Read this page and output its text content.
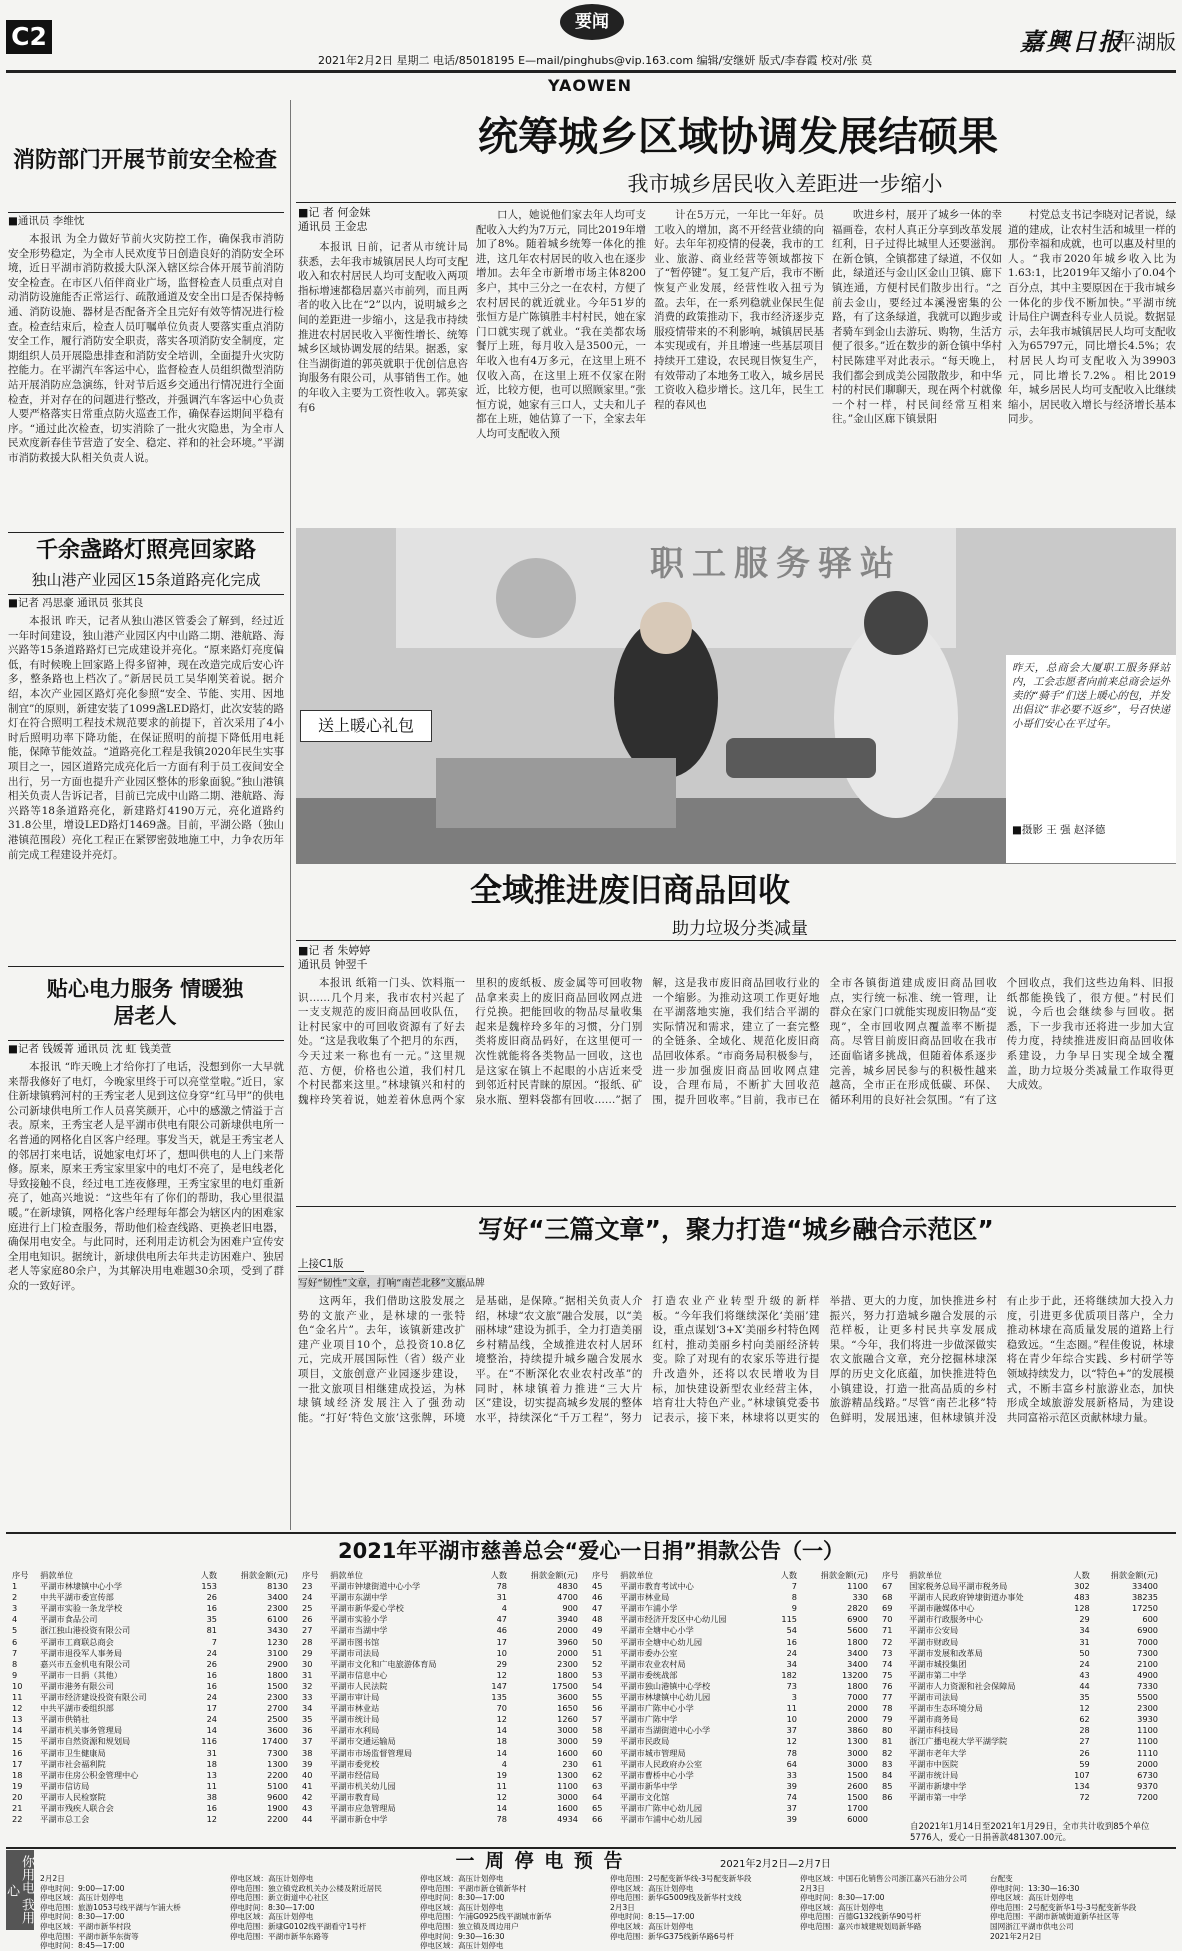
C2	要闻
2021年2月2日 星期二 电话/85018195 E—mail/pinghubs@vip.163.com 编辑/安继妍 版式/李春霞 校对/张 莫
嘉興日报
平湖版
YAOWEN
消防部门开展节前安全检查
■通讯员 李维忱

本报讯 为全力做好节前火灾防控工作，确保我市消防安全形势稳定，为全市人民欢度节日创造良好的消防安全环境，近日平湖市消防救援大队深入辖区综合体开展节前消防安全检查。在市区八佰伴商业广场，监督检查人员重点对自动消防设施能否正常运行、疏散通道及安全出口是否保持畅通、消防设施、器材是否配备齐全且完好有效等情况进行检查。检查结束后，检查人员叮嘱单位负责人要落实重点消防安全工作，履行消防安全职责，落实各项消防安全制度，定期组织人员开展隐患排查和消防安全培训，全面提升火灾防控能力。在平湖汽车客运中心，监督检查人员组织微型消防站开展消防应急演练，针对节后返乡交通出行情况进行全面检查，并对存在的问题进行整改，并强调汽车客运中心负责人要严格落实日常重点防火巡查工作，确保春运期间平稳有序。“通过此次检查，切实消除了一批火灾隐患，为全市人民欢度新春佳节营造了安全、稳定、祥和的社会环境。”平湖市消防救援大队相关负责人说。

千余盏路灯照亮回家路
独山港产业园区15条道路亮化完成
■记者 冯思豪 通讯员 张其良

本报讯 昨天，记者从独山港区管委会了解到，经过近一年时间建设，独山港产业园区内中山路二期、港航路、海兴路等15条道路路灯已完成建设并亮化。“原来路灯亮度偏低，有时候晚上回家路上得多留神，现在改造完成后安心许多，整条路也上档次了。”新居民员工吴华刚笑着说。据介绍，本次产业园区路灯亮化参照“安全、节能、实用、因地制宜”的原则，新建安装了1099盏LED路灯，此次安装的路灯在符合照明工程技术规范要求的前提下，首次采用了4小时后照明功率下降功能，在保证照明的前提下降低用电耗能，保障节能效益。“道路亮化工程是我镇2020年民生实事项目之一，园区道路完成亮化后一方面有利于员工夜间安全出行，另一方面也提升产业园区整体的形象面貌。”独山港镇相关负责人告诉记者，目前已完成中山路二期、港航路、海兴路等18条道路亮化，新建路灯4190万元，亮化道路约31.8公里，增设LED路灯1469盏。目前，平湖公路（独山港镇范围段）亮化工程正在紧锣密鼓地施工中，力争农历年前完成工程建设并亮灯。

贴心电力服务 情暖独居老人
■记者 钱媛菁 通讯员 沈 虹 钱美萱

本报讯 “昨天晚上才给你打了电话，没想到你一大早就来帮我修好了电灯，今晚家里终于可以亮堂堂啦。”近日，家住新埭镇鸦河村的王秀宝老人见到这位身穿“红马甲”的供电公司新埭供电所工作人员喜笑颜开，心中的感激之情溢于言表。原来，王秀宝老人是平湖市供电有限公司新埭供电所一名普通的网格化自区客户经理。事发当天，就是王秀宝老人的邻居打来电话，说她家电灯坏了，想叫供电的人上门来帮修。原来，原来王秀宝家里家中的电灯不亮了，是电线老化导致接触不良，经过电工连夜修理，王秀宝家里的电灯重新亮了，她高兴地说：“这些年有了你们的帮助，我心里很温暖。”在新埭镇，网格化客户经理每年都会为辖区内的困难家庭进行上门检查服务，帮助他们检查线路、更换老旧电器，确保用电安全。与此同时，还利用走访机会为困难户宣传安全用电知识。据统计，新埭供电所去年共走访困难户、独居老人等家庭80余户，为其解决用电难题30余项，受到了群众的一致好评。

统筹城乡区域协调发展结硕果
我市城乡居民收入差距进一步缩小
■记 者 何金妹
通讯员 王金忠

本报讯 日前，记者从市统计局获悉，去年我市城镇居民人均可支配收入和农村居民人均可支配收入两项指标增速都稳居嘉兴市前列，而且两者的收入比在“2”以内，说明城乡之间的差距进一步缩小，这是我市持续推进农村居民收入平衡性增长、统筹城乡区域协调发展的结果。据悉，家住当湖街道的郭英就职于优创信息咨询服务有限公司，从事销售工作。她的年收入主要为工资性收入。郭英家有6

口人，她说他们家去年人均可支配收入大约为7万元，同比2019年增加了8%。随着城乡统筹一体化的推进，这几年农村居民的收入也在逐步增加。去年全市新增市场主体8200多户，其中三分之一在农村，方便了农村居民的就近就业。今年51岁的张恒方是广陈镇胜丰村村民，她在家门口就实现了就业。“我在美都农场餐厅上班，每月收入是3500元，一年收入也有4万多元，在这里上班不仅收入高，在这里上班不仅家在附近，比较方便，也可以照顾家里。”张恒方说，她家有三口人，丈夫和儿子都在上班，她估算了一下，全家去年人均可支配收入预

计在5万元，一年比一年好。员工收入的增加，离不开经营业绩的向好。去年年初疫情的侵袭，我市的工业、旅游、商业经营等领域都按下了“暂停键”。复工复产后，我市不断恢复产业发展，经营性收入扭亏为盈。去年，在一系列稳就业保民生促消费的政策推动下，我市经济逐步克服疫情带来的不利影响，城镇居民基本实现或有，并且增速一些基层项目持续开工建设，农民现目恢复生产，有效带动了本地务工收入，城乡居民工资收入稳步增长。这几年，民生工程的春风也

吹进乡村，展开了城乡一体的幸福画卷，农村人真正分享到改革发展红利，日子过得比城里人还要滋润。在新仓镇，全镇都建了绿道，不仅如此，绿道还与金山区金山卫镇、廊下镇连通，方便村民们散步出行。“之前去金山，要经过本溪漫密集的公路，有了这条绿道，我就可以跑步或者骑车到金山去游玩、购物，生活方便了很多。”近在数步的新仓镇中华村村民陈建平对此表示。“每天晚上，我们都会到成美公园散散步，和中华村的村民们聊聊天，现在两个村就像一个村一样，村民间经常互相来往。”金山区廊下镇景阳

村党总支书记李晓对记者说，绿道的建成，让农村生活和城里一样的那份幸福和成就，也可以惠及村里的人。“我市2020年城乡收入比为1.63:1，比2019年又缩小了0.04个百分点，其中主要原因在于我市城乡一体化的步伐不断加快。”平湖市统计局住户调查科专业人员说。数据显示，去年我市城镇居民人均可支配收入为65797元，同比增长4.5%；农村居民人均可支配收入为39903元，同比增长7.2%。相比2019年，城乡居民人均可支配收入比继续缩小，居民收入增长与经济增长基本同步。

职工服务驿站
送上暖心礼包
昨天，总商会大厦职工服务驿站内，工会志愿者向前来总商会运外卖的“骑手”们送上暖心的包，并发出倡议“非必要不返乡”，号召快递小哥们安心在平过年。
■摄影 王 强 赵泽德
全域推进废旧商品回收
助力垃圾分类减量
■记 者 朱婷婷
通讯员 钟翌千

本报讯 纸箱一门头、饮料瓶一识……几个月来，我市农村兴起了一支支规范的废旧商品回收队伍，让村民家中的可回收资源有了好去处。“这是我收集了个把月的东西，今天过来一称也有一元。”这里规范、方便，价格也公道，我们村几个村民都来这里。”林埭镇兴和村的魏梓玲笑着说，她差着休息两个家里积的废纸板、废金属等可回收物品拿来卖上的废旧商品回收网点进行兑换。把能回收的物品尽量收集起来是魏梓玲多年的习惯，分门别类将废旧商品码好，在这里便可一次性就能将各类物品一回收，这也是这家在镇上不起眼的小店近来受到邻近村民青睐的原因。“报纸、矿泉水瓶、塑料袋都有回收……”据了解，这是我市废旧商品回收行业的一个缩影。为推动这项工作更好地在平湖落地实施，我们结合平湖的实际情况和需求，建立了一套完整的全链条、全域化、规范化废旧商品回收体系。“市商务局积极参与，进一步加强废旧商品回收网点建设，合理布局，不断扩大回收范围，提升回收率。”目前，我市已在全市各镇街道建成废旧商品回收点，实行统一标准、统一管理，让群众在家门口就能实现废旧物品“变现”，全市回收网点覆盖率不断提高。尽管目前废旧商品回收在我市还面临诸多挑战，但随着体系逐步完善，城乡居民参与的积极性越来越高，全市正在形成低碳、环保、循环利用的良好社会氛围。“有了这个回收点，我们这些边角料、旧报纸都能换钱了，很方便。”村民们说，今后也会继续参与回收。据悉，下一步我市还将进一步加大宣传力度，持续推进废旧商品回收体系建设，力争早日实现全域全覆盖，助力垃圾分类减量工作取得更大成效。

写好“三篇文章”，聚力打造“城乡融合示范区”
上接C1版
写好“韧性”文章，打响“南芒北移”文旅品牌

这两年，我们借助这股发展之势的文旅产业，是林埭的一张特色“金名片”。去年，该镇新建改扩建产业项目10个，总投资10.8亿元，完成开展国际性（省）级产业项目，文旅创意产业园逐步建设，一批文旅项目相继建成投运，为林埭镇域经济发展注入了强劲动能。“打好‘特色文旅’这张牌，环境是基础，是保障。”据相关负责人介绍，林埭“农文旅”融合发展，以“美丽林埭”建设为抓手，全力打造美丽乡村精品线，全域推进农村人居环境整治，持续提升城乡融合发展水平。在“不断深化农业农村改革”的同时，林埭镇着力推进“三大片区”建设，切实提高城乡发展的整体水平，持续深化“千万工程”，努力打造农业产业转型升级的新样板。“今年我们将继续深化‘美丽’建设，重点谋划‘3+X’美丽乡村特色网红村，推动美丽乡村向美丽经济转变。除了对现有的农家乐等进行提升改造外，还将以农民增收为目标，加快建设新型农业经营主体，培育壮大特色产业。”林埭镇党委书记表示，接下来，林埭将以更实的举措、更大的力度，加快推进乡村振兴，努力打造城乡融合发展的示范样板，让更多村民共享发展成果。“今年，我们将进一步做深做实农文旅融合文章，充分挖掘林埭深厚的历史文化底蕴，加快推进特色小镇建设，打造一批高品质的乡村旅游精品线路。”尽管“南芒北移”特色鲜明，发展迅速，但林埭镇并没有止步于此，还将继续加大投入力度，引进更多优质项目落户，全力推动林埭在高质量发展的道路上行稳致远。“生态圈。”程佳俊说，林埭将在青少年综合实践、乡村研学等领域持续发力，以“特色+”的发展模式，不断丰富乡村旅游业态，加快形成全域旅游发展新格局，为建设共同富裕示范区贡献林埭力量。

2021年平湖市慈善总会“爱心一日捐”捐款公告（一）
序号	捐款单位	人数	捐款金额(元)
1	平湖市林埭镇中心小学	153	8130
2	中共平湖市委宣传部	26	3400
3	平湖市实验一条龙学校	16	2300
4	平湖市食品公司	35	6100
5	浙江独山港投资有限公司	81	3430
6	平湖市工商联总商会	7	1230
7	平湖市退役军人事务局	24	3100
8	嘉兴市五金机电有限公司	26	2900
9	平湖市一日捐（其他）	16	1800
10	平湖市港务有限公司	16	1500
11	平湖市经济建设投资有限公司	24	2300
12	中共平湖市委组织部	17	2700
13	平湖市供销社	24	2500
14	平湖市机关事务管理局	14	3600
15	平湖市自然资源和规划局	116	17400
16	平湖市卫生健康局	31	7300
17	平湖市社会福利院	18	1300
18	平湖市住房公积金管理中心	13	2200
19	平湖市信访局	11	5100
20	平湖市人民检察院	38	9600
21	平湖市残疾人联合会	16	1900
22	平湖市总工会	12	2200
序号	捐款单位	人数	捐款金额(元)
23	平湖市钟埭街道中心小学	78	4830
24	平湖市东湖中学	31	4700
25	平湖市新华爱心学校	4	900
26	平湖市实验小学	47	3940
27	平湖市当湖中学	46	2000
28	平湖市图书馆	17	3960
29	平湖市司法局	10	2000
30	平湖市文化和广电旅游体育局	29	2300
31	平湖市信息中心	12	1800
32	平湖市人民法院	147	17500
33	平湖市审计局	135	3600
34	平湖市林业站	70	1650
35	平湖市统计局	12	1260
36	平湖市水利局	14	3000
37	平湖市交通运输局	18	3000
38	平湖市市场监督管理局	14	1600
39	平湖市委党校	4	230
40	平湖市经信局	19	1300
41	平湖市机关幼儿园	11	1100
42	平湖市教育局	12	3000
43	平湖市应急管理局	14	1600
44	平湖市新仓中学	78	4934
序号	捐款单位	人数	捐款金额(元)
45	平湖市教育考试中心	7	1100
46	平湖市林业局	8	330
47	平湖市乍浦小学	9	2820
48	平湖市经济开发区中心幼儿园	115	6900
49	平湖市全塘中心小学	54	5600
50	平湖市全塘中心幼儿园	16	1800
51	平湖市委办公室	24	3400
52	平湖市农业农村局	34	3400
53	平湖市委统战部	182	13200
54	平湖市独山港镇中心学校	73	1800
55	平湖市林埭镇中心幼儿园	3	7000
56	平湖市广陈中心小学	11	2000
57	平湖市广陈中学	10	2000
58	平湖市当湖街道中心小学	37	3860
59	平湖市民政局	12	1300
60	平湖市城市管理局	78	3000
61	平湖市人民政府办公室	64	3000
62	平湖市曹桥中心小学	33	1500
63	平湖市新华中学	39	2600
64	平湖市文化馆	74	1500
65	平湖市广陈中心幼儿园	37	1700
66	平湖市乍浦中心幼儿园	39	6000
序号	捐款单位	人数	捐款金额(元)
67	国家税务总局平湖市税务局	302	33400
68	平湖市人民政府钟埭街道办事处	483	38235
69	平湖市融媒体中心	128	17250
70	平湖市行政服务中心	29	600
71	平湖市公安局	34	6900
72	平湖市财政局	31	7000
73	平湖市发展和改革局	50	7300
74	平湖市城投集团	24	2100
75	平湖市第二中学	43	4900
76	平湖市人力资源和社会保障局	44	7330
77	平湖市司法局	35	5500
78	平湖市生态环境分局	12	2300
79	平湖市商务局	62	3930
80	平湖市科技局	28	1100
81	浙江广播电视大学平湖学院	27	1100
82	平湖市老年大学	26	1110
83	平湖市中医院	59	2000
84	平湖市统计局	107	6730
85	平湖市新埭中学	134	9370
86	平湖市第一中学	72	7200
自2021年1月14日至2021年1月29日，全市共计收到85个单位5776人，爱心一日捐善款481307.00元。
你用电 我用心
一 周 停 电 预 告	2021年2月2日—2月7日
2月2日
停电时间：9:00—17:00
停电区域：高压计划停电
停电范围：旅游1053号线平湖与乍浦大桥
停电时间：8:30—17:00
停电区域：平湖市新华村段
停电范围：平湖市新华东街等
停电时间：8:45—17:00
停电区域：高压计划停电
停电范围：独立镇党政机关办公楼及附近居民
停电范围：新立街道中心社区
停电时间：8:30—17:00
停电区域：高压计划停电
停电范围：新埭G0102线平湖看守1号杆
停电范围：平湖市新华东路等
停电区域：高压计划停电
停电范围：平湖市新仓镇新华村
停电时间：8:30—17:00
停电区域：高压计划停电
停电范围：乍浦G0925线平湖城市新华
停电范围：独立镇及周边用户
停电时间：9:30—16:30
停电区域：高压计划停电
停电范围：2号配变新华线-3号配变新华段
停电区域：高压计划停电
停电范围：新华G5009线及新华村支线
2月3日
停电时间：8:15—17:00
停电区域：高压计划停电
停电范围：新华G375线新华路6号杆
停电区域：中国石化销售公司浙江嘉兴石油分公司
2月3日
停电时间：8:30—17:00
停电区域：高压计划停电
停电范围：百德G132线新华90号杆
停电范围：嘉兴市城建规划局新华路
台配变
停电时间：13:30—16:30
停电区域：高压计划停电
停电范围：2号配变新华1号-3号配变新华段
停电范围：平湖市新城街道新华社区等
国网浙江平湖市供电公司
2021年2月2日
